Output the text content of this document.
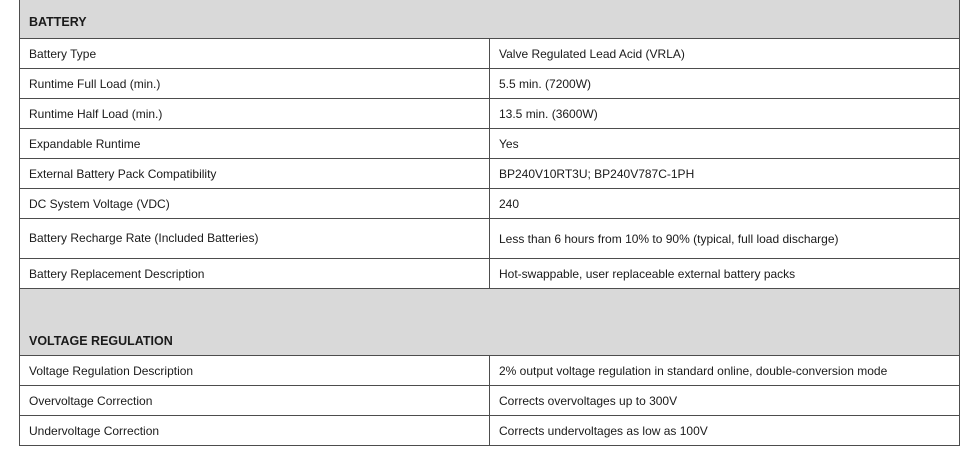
BATTERY	
Battery Type	Valve Regulated Lead Acid (VRLA)
Runtime Full Load (min.)	5.5 min. (7200W)
Runtime Half Load (min.)	13.5 min. (3600W)
Expandable Runtime	Yes
External Battery Pack Compatibility	BP240V10RT3U; BP240V787C-1PH
DC System Voltage (VDC)	240
Battery Recharge Rate (Included Batteries)	Less than 6 hours from 10% to 90% (typical, full load discharge)
Battery Replacement Description	Hot-swappable, user replaceable external battery packs
VOLTAGE REGULATION	
Voltage Regulation Description	2% output voltage regulation in standard online, double-conversion mode
Overvoltage Correction	Corrects overvoltages up to 300V
Undervoltage Correction	Corrects undervoltages as low as 100V
